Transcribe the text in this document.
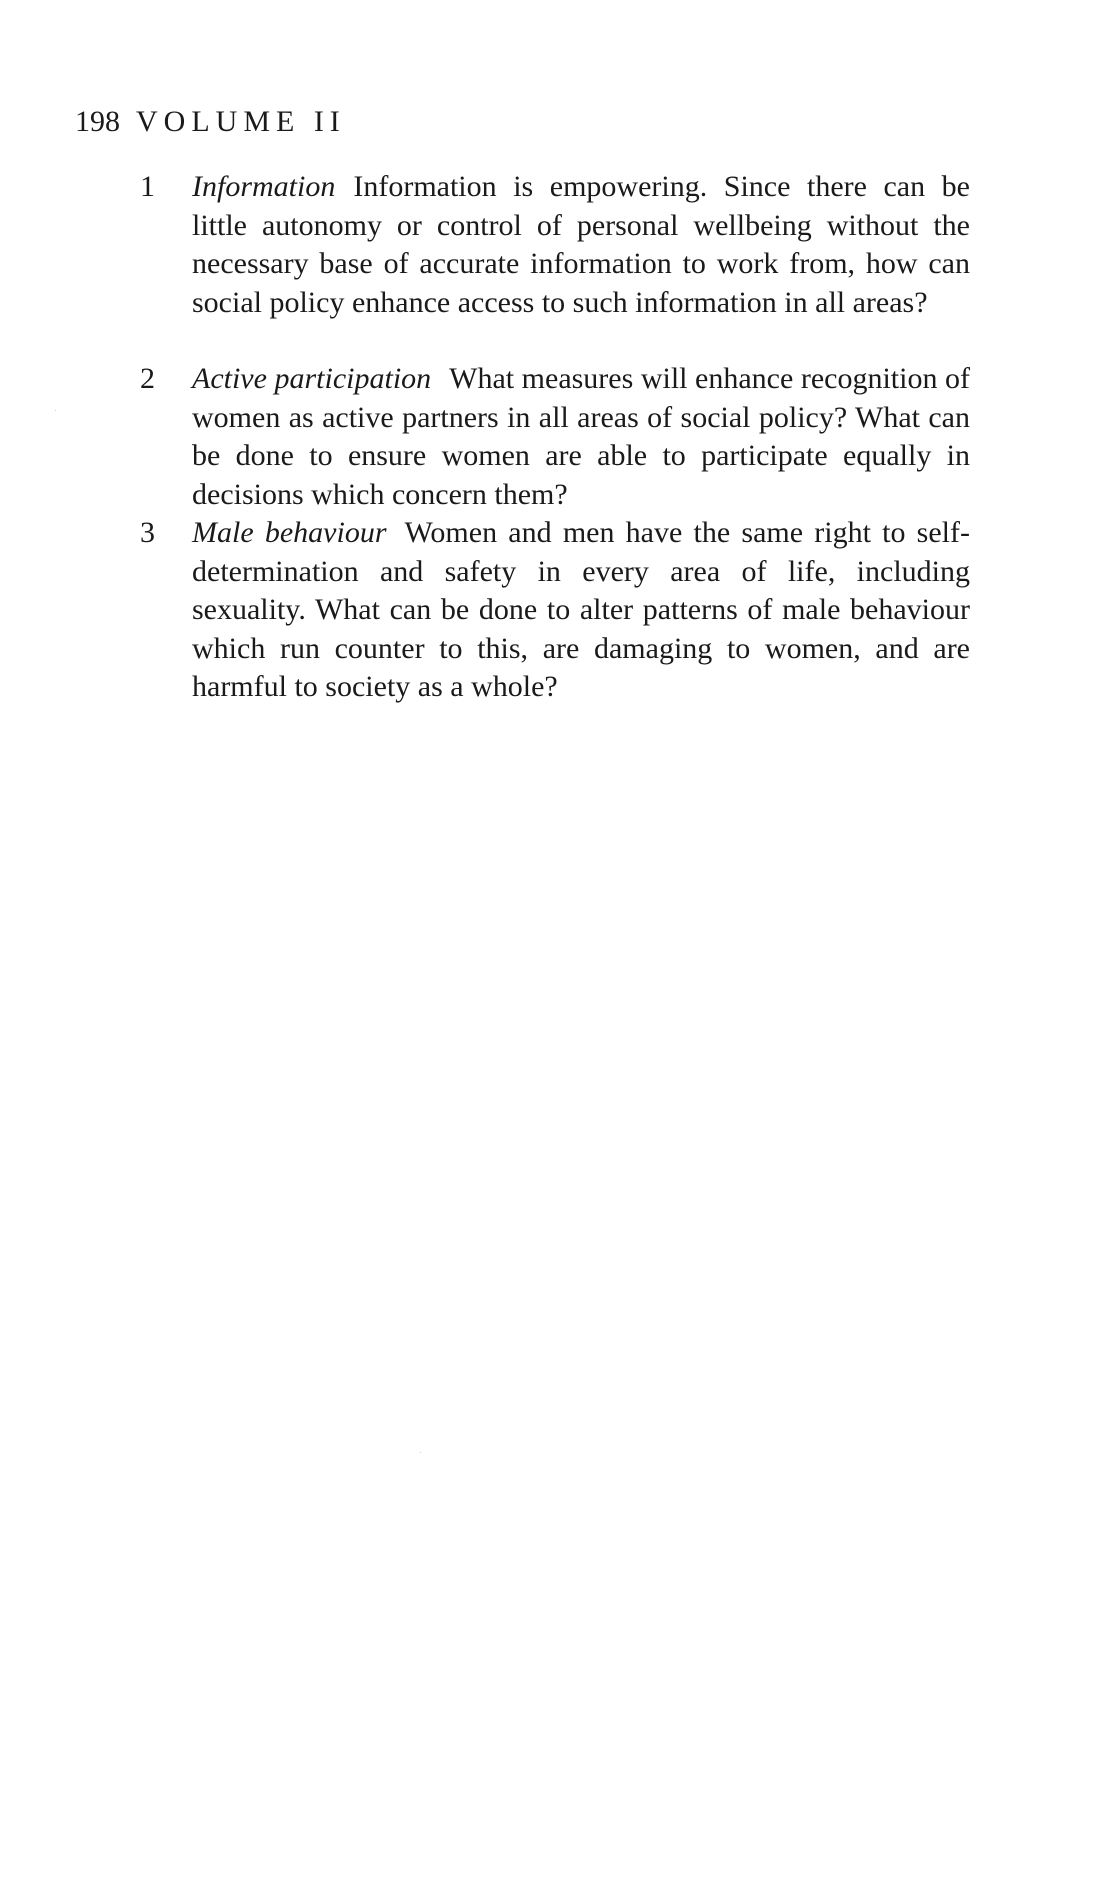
198 VOLUME II
1	Information Information is empowering. Since there can be little autonomy or control of personal wellbeing without the necessary base of accurate information to work from, how can social policy enhance access to such information in all areas?
2	Active participation What measures will enhance recognition of women as active partners in all areas of social policy? What can be done to ensure women are able to participate equally in decisions which concern them?
3	Male behaviour Women and men have the same right to self-determination and safety in every area of life, including sexuality. What can be done to alter patterns of male behaviour which run counter to this, are damaging to women, and are harmful to society as a whole?
